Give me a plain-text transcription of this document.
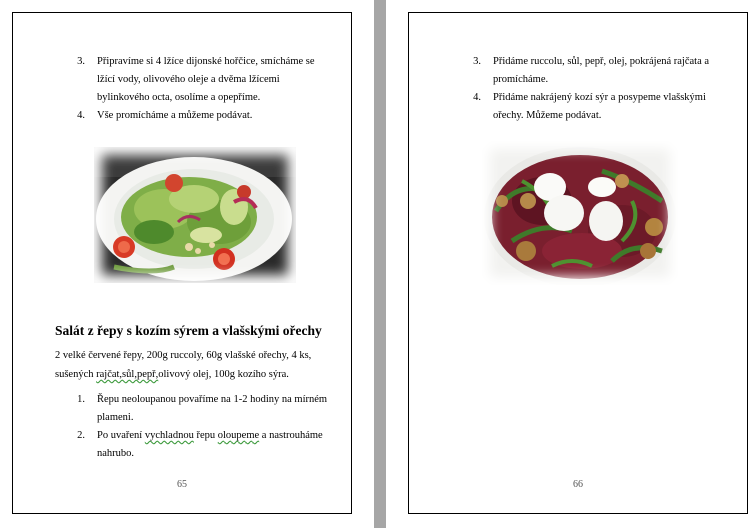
3. Připravíme si 4 lžíce dijonské hořčice, smícháme se
lžící vody, olivového oleje a dvěma lžícemi
bylinkového octa, osolíme a opepříme.
4. Vše promícháme a můžeme podávat.
Salát z řepy s kozím sýrem a vlašskými ořechy
2 velké červené řepy, 200g ruccoly, 60g vlašské ořechy, 4 ks,
sušených rajčat,sůl,pepř,olivový olej, 100g kozího sýra.
1. Řepu neoloupanou povaříme na 1-2 hodiny na mírném
plameni.
2. Po uvaření vychladnou řepu oloupeme a nastrouháme
nahrubo.
65
3. Přidáme ruccolu, sůl, pepř, olej, pokrájená rajčata a
promícháme.
4. Přidáme nakrájený kozí sýr a posypeme vlašskými
ořechy. Můžeme podávat.
66
